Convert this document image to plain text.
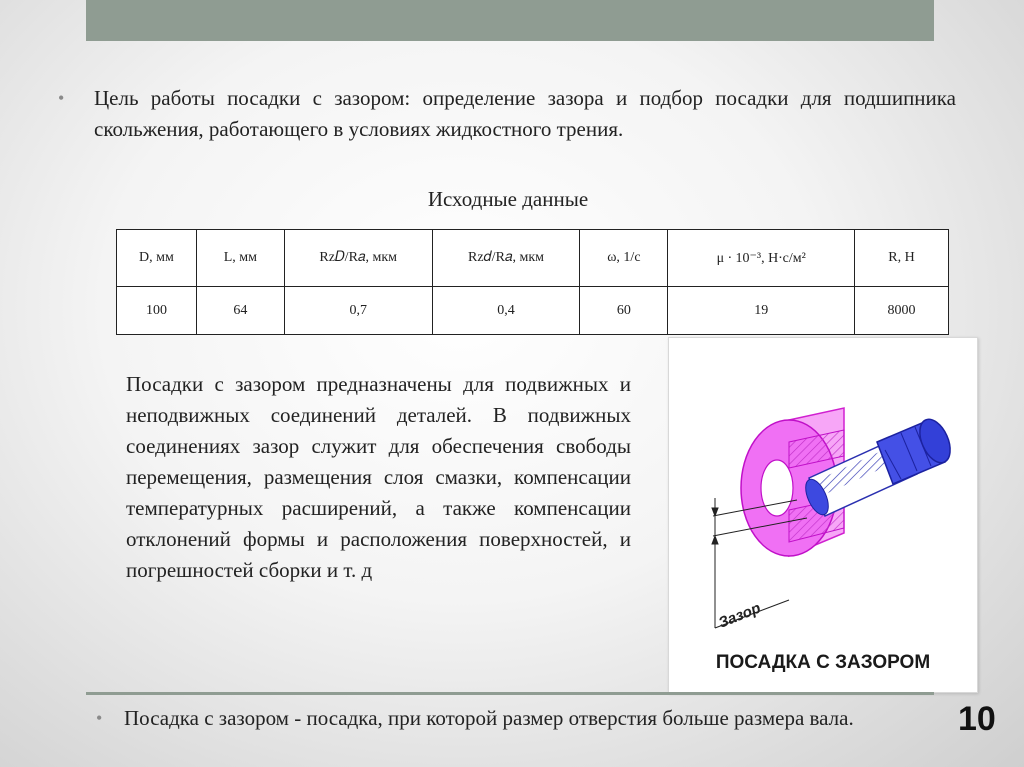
• Цель работы посадки с зазором: определение зазора и подбор посадки для подшипника скольжения, работающего в условиях жидкостного трения.
Исходные данные
D, мм	L, мм	Rz𝐷/R𝑎, мкм	Rz𝑑/R𝑎, мкм	ω, 1/с	μ ⋅ 10⁻³, Н⋅с/м²	R, Н
100	64	0,7	0,4	60	19	8000
Посадки с зазором предназначены для подвижных и неподвижных соединений деталей. В подвижных соединениях зазор служит для обеспечения свободы перемещения, размещения слоя смазки, компенсации температурных расширений, а также компенсации отклонений формы и расположения поверхностей, и погрешностей сборки и т. д
Зазор
ПОСАДКА С ЗАЗОРОМ
• Посадка с зазором - посадка, при которой размер отверстия больше размера вала.	10
